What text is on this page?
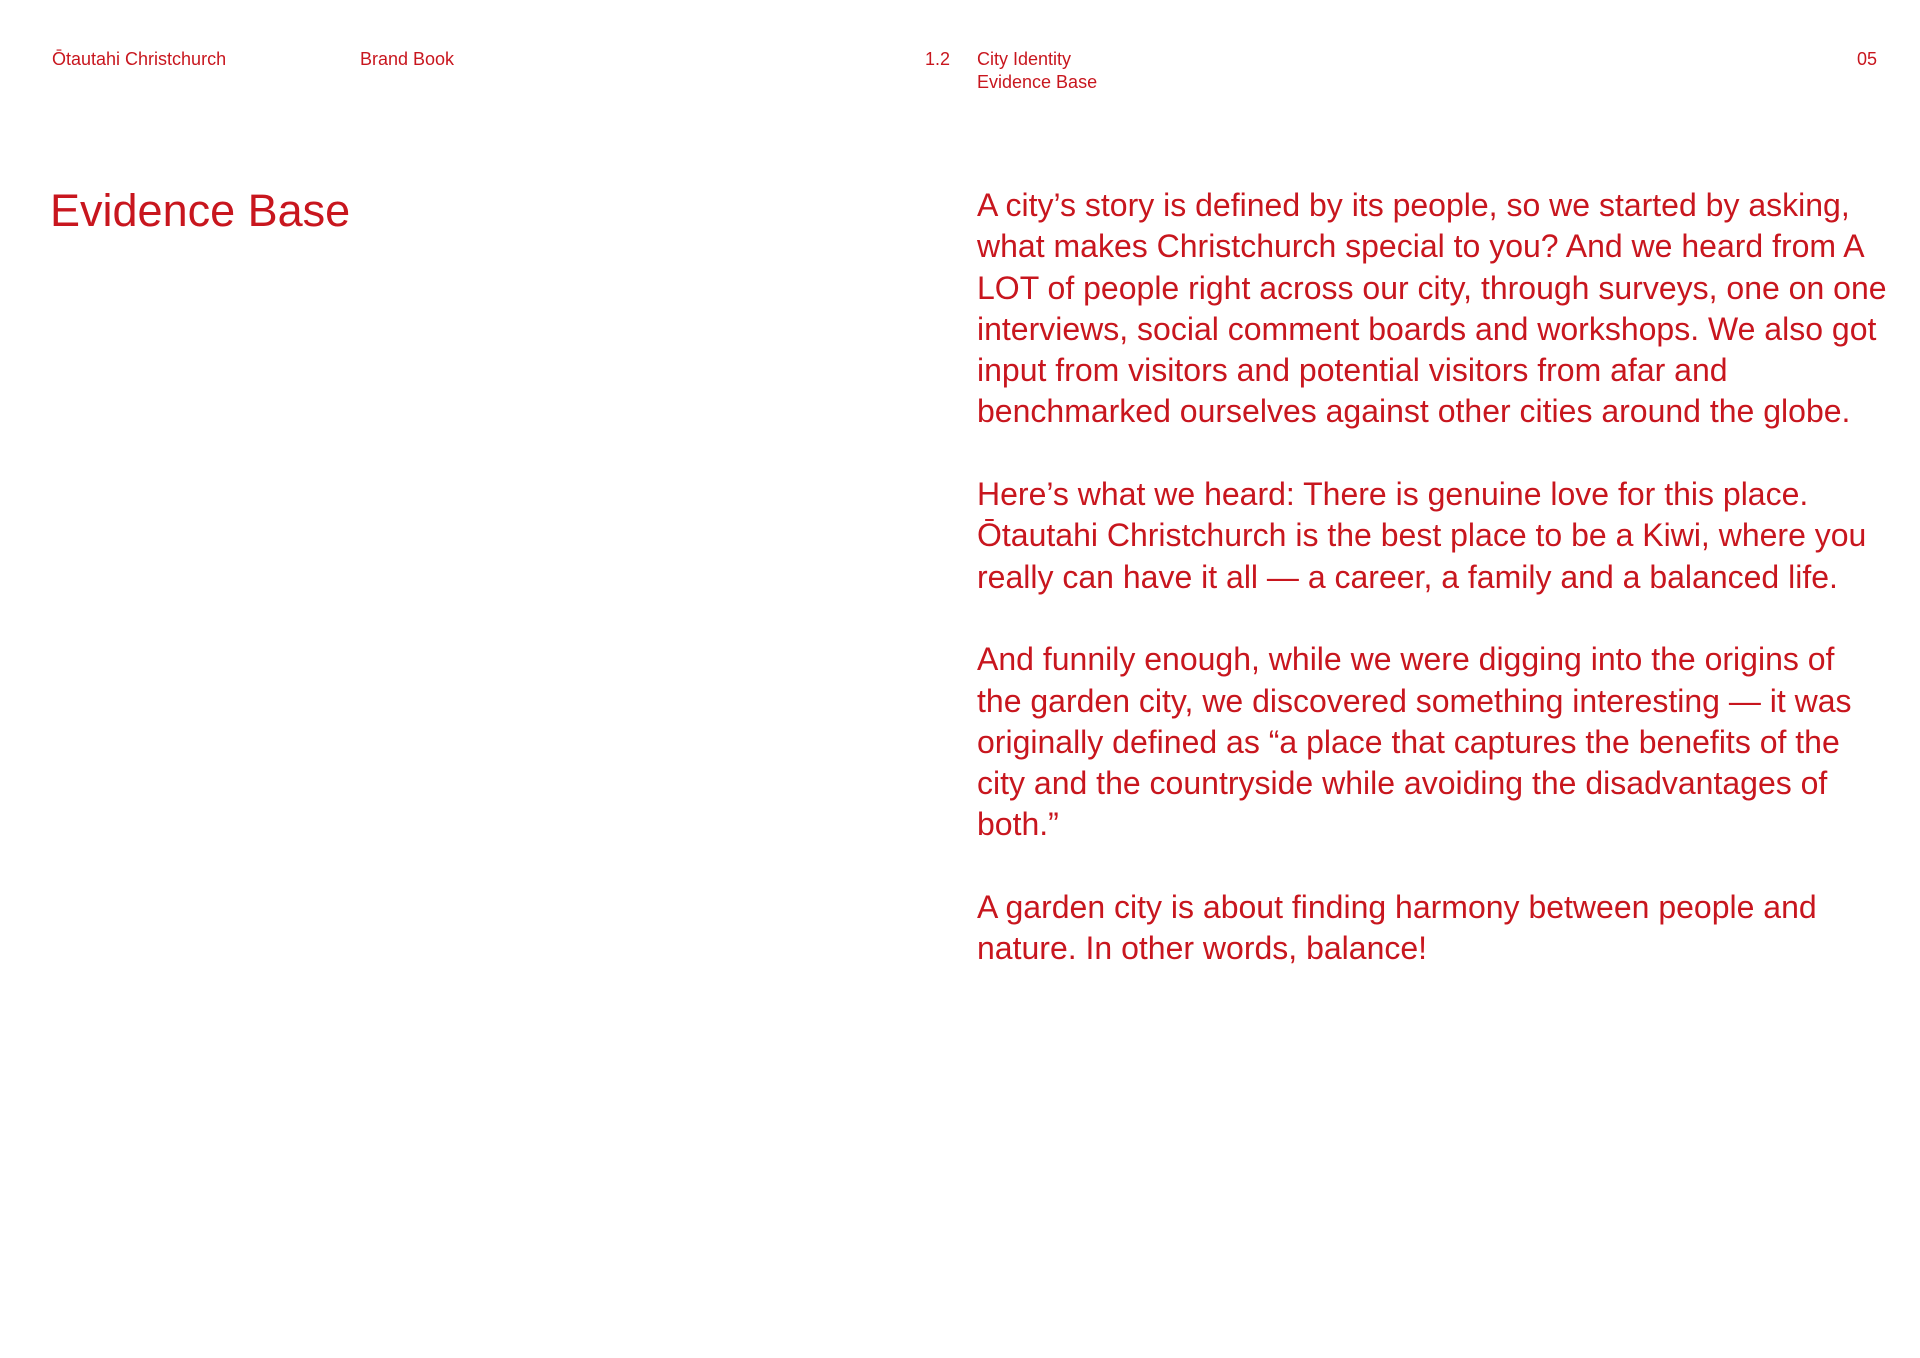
Ōtautahi Christchurch	Brand Book	1.2 City Identity
Evidence Base
05
Evidence Base	A city’s story is defined by its people, so we started by asking, what makes Christchurch special to you? And we heard from A LOT of people right across our city, through surveys, one on one interviews, social comment boards and workshops. We also got input from visitors and potential visitors from afar and benchmarked ourselves against other cities around the globe.

Here’s what we heard: There is genuine love for this place. Ōtautahi Christchurch is the best place to be a Kiwi, where you really can have it all — a career, a family and a balanced life.

And funnily enough, while we were digging into the origins of the garden city, we discovered something interesting — it was originally defined as “a place that captures the benefits of the city and the countryside while avoiding the disadvantages of both.”

A garden city is about finding harmony between people and nature. In other words, balance!
